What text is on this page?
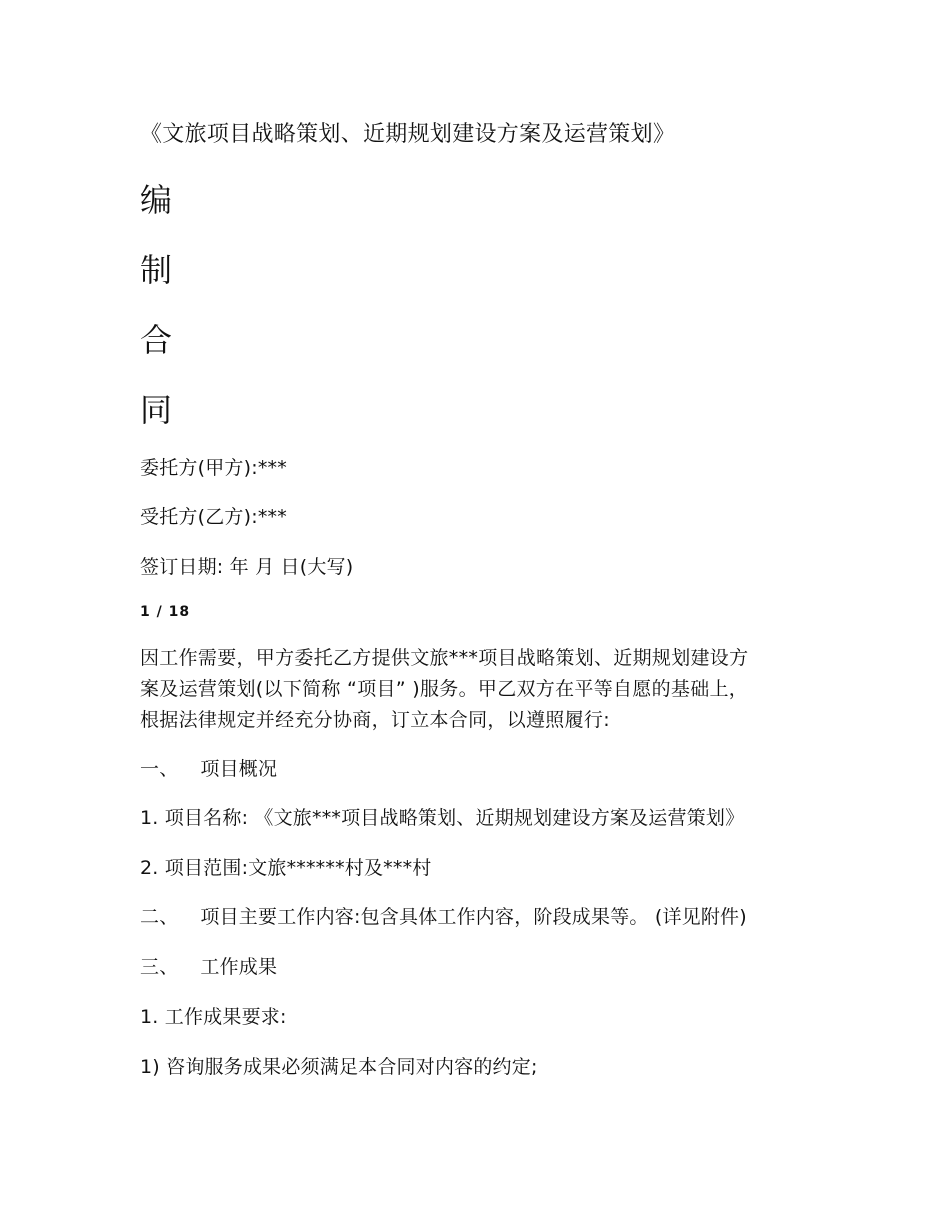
《文旅项目战略策划、近期规划建设方案及运营策划》
编
制
合
同
委托方(甲方):***
受托方(乙方):***
签订日期: 年 月 日(大写)
1 / 18
因工作需要，甲方委托乙方提供文旅***项目战略策划、近期规划建设方
案及运营策划(以下简称 “项目” )服务。甲乙双方在平等自愿的基础上，
根据法律规定并经充分协商，订立本合同，以遵照履行:
一、 项目概况
1. 项目名称: 《文旅***项目战略策划、近期规划建设方案及运营策划》
2. 项目范围:文旅******村及***村
二、 项目主要工作内容:包含具体工作内容，阶段成果等。 (详见附件)
三、 工作成果
1. 工作成果要求:
1) 咨询服务成果必须满足本合同对内容的约定;
